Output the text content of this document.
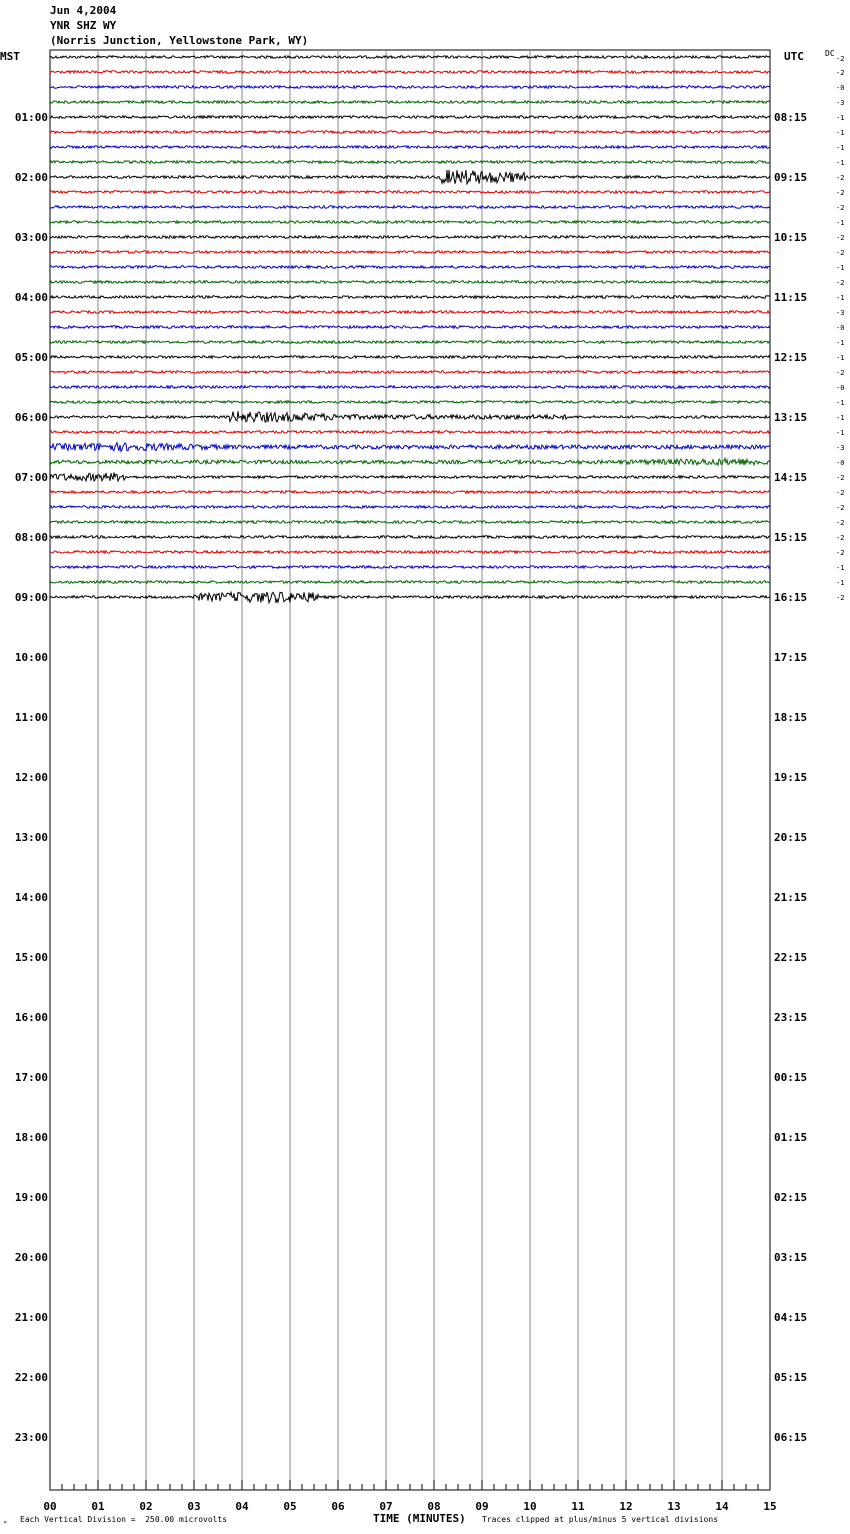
Jun 4,2004
YNR SHZ WY
(Norris Junction, Yellowstone Park, WY)
MST	UTC	DC
-2
-2
-0
-3
-1
-1
-1
-1
-2
-2
-2
-1
-2
-2
-1
-2
-1
-3
-0
-1
-1
-2
-0
-1
-1
-1
-3
-0
-2
-2
-2
-2
-2
-2
-1
-1
-2
01:00
02:00
03:00
04:00
05:00
06:00
07:00
08:00
09:00
10:00
11:00
12:00
13:00
14:00
15:00
16:00
17:00
18:00
19:00
20:00
21:00
22:00
23:00
08:15
09:15
10:15
11:15
12:15
13:15
14:15
15:15
16:15
17:15
18:15
19:15
20:15
21:15
22:15
23:15
00:15
01:15
02:15
03:15
04:15
05:15
06:15
00	01	02	03	04	05	06	07	08	09	10	11	12	13	14	15
ᴹ Each Vertical Division =  250.00 microvolts	TIME (MINUTES) Traces clipped at plus/minus 5 vertical divisions
